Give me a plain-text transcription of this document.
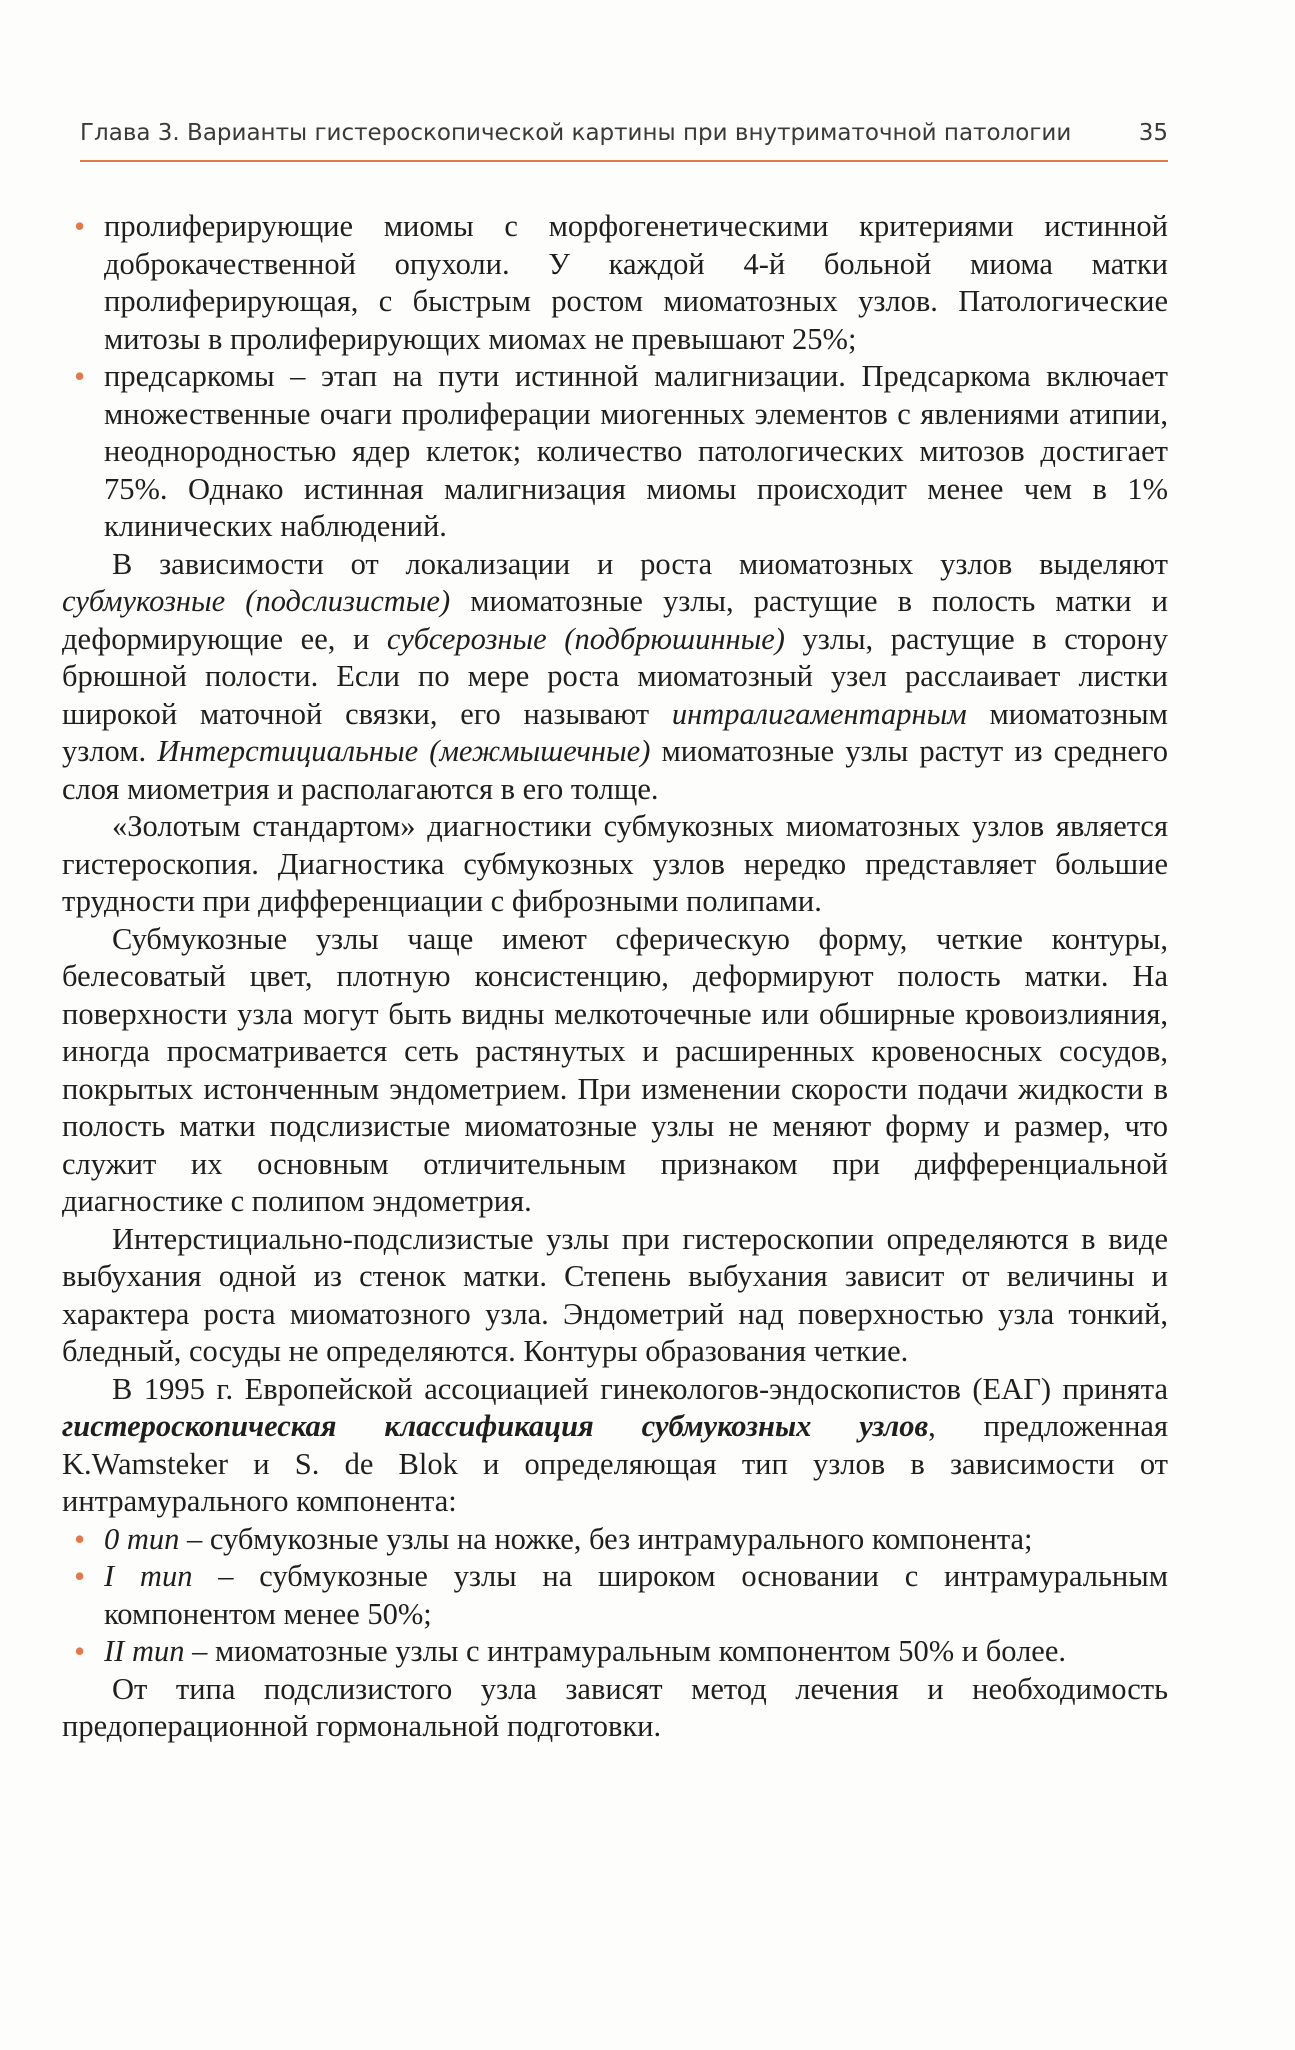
Глава 3. Варианты гистероскопической картины при внутриматочной патологии	35
• пролиферирующие миомы с морфогенетическими критериями истинной доброкачественной опухоли. У каждой 4-й больной миома матки пролиферирующая, с быстрым ростом миоматозных узлов. Патологические митозы в пролиферирующих миомах не превышают 25%;
• предсаркомы – этап на пути истинной малигнизации. Предсаркома включает множественные очаги пролиферации миогенных элементов с явлениями атипии, неоднородностью ядер клеток; количество патологических митозов достигает 75%. Однако истинная малигнизация миомы происходит менее чем в 1% клинических наблюдений.

В зависимости от локализации и роста миоматозных узлов выделяют субмукозные (подслизистые) миоматозные узлы, растущие в полость матки и деформирующие ее, и субсерозные (подбрюшинные) узлы, растущие в сторону брюшной полости. Если по мере роста миоматозный узел расслаивает листки широкой маточной связки, его называют интралигаментарным миоматозным узлом. Интерстициальные (межмышечные) миоматозные узлы растут из среднего слоя миометрия и располагаются в его толще.

«Золотым стандартом» диагностики субмукозных миоматозных узлов является гистероскопия. Диагностика субмукозных узлов нередко представляет большие трудности при дифференциации с фиброзными полипами.

Субмукозные узлы чаще имеют сферическую форму, четкие контуры, белесоватый цвет, плотную консистенцию, деформируют полость матки. На поверхности узла могут быть видны мелкоточечные или обширные кровоизлияния, иногда просматривается сеть растянутых и расширенных кровеносных сосудов, покрытых истонченным эндометрием. При изменении скорости подачи жидкости в полость матки подслизистые миоматозные узлы не меняют форму и размер, что служит их основным отличительным признаком при дифференциальной диагностике с полипом эндометрия.

Интерстициально-подслизистые узлы при гистероскопии определяются в виде выбухания одной из стенок матки. Степень выбухания зависит от величины и характера роста миоматозного узла. Эндометрий над поверхностью узла тонкий, бледный, сосуды не определяются. Контуры образования четкие.

В 1995 г. Европейской ассоциацией гинекологов-эндоскопистов (ЕАГ) принята гистероскопическая классификация субмукозных узлов, предложенная K.Wamsteker и S. de Blok и определяющая тип узлов в зависимости от интрамурального компонента:

• 0 тип – субмукозные узлы на ножке, без интрамурального компонента;
• I тип – субмукозные узлы на широком основании с интрамуральным компонентом менее 50%;
• II тип – миоматозные узлы с интрамуральным компонентом 50% и более.

От типа подслизистого узла зависят метод лечения и необходимость предоперационной гормональной подготовки.
